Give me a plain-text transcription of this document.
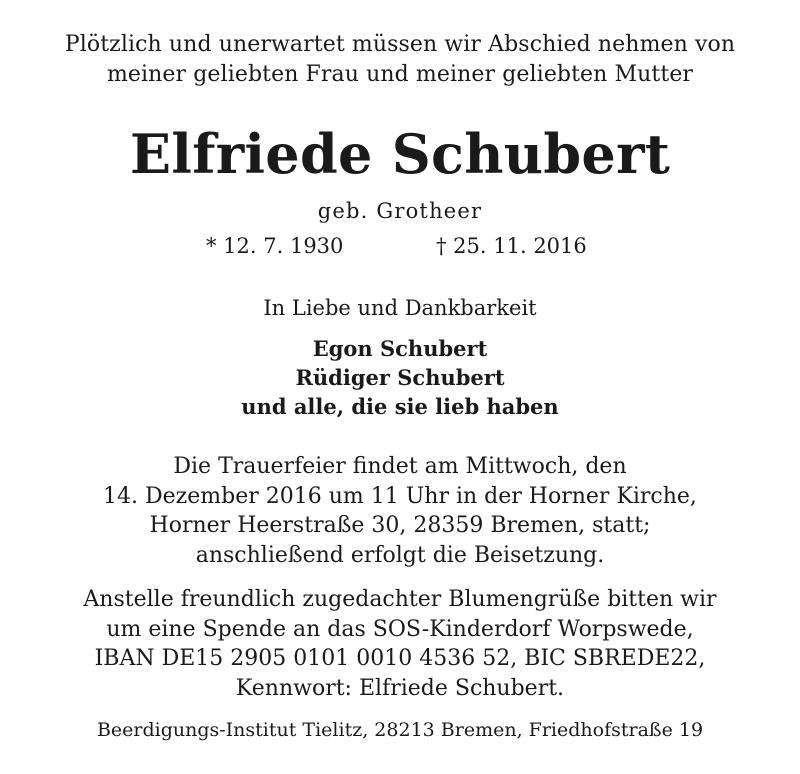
Plötzlich und unerwartet müssen wir Abschied nehmen von
meiner geliebten Frau und meiner geliebten Mutter
Elfriede Schubert
geb. Grotheer
* 12. 7. 1930	† 25. 11. 2016
In Liebe und Dankbarkeit
Egon Schubert
Rüdiger Schubert
und alle, die sie lieb haben
Die Trauerfeier findet am Mittwoch, den
14. Dezember 2016 um 11 Uhr in der Horner Kirche,
Horner Heerstraße 30, 28359 Bremen, statt;
anschließend erfolgt die Beisetzung.
Anstelle freundlich zugedachter Blumengrüße bitten wir
um eine Spende an das SOS-Kinderdorf Worpswede,
IBAN DE15 2905 0101 0010 4536 52, BIC SBREDE22,
Kennwort: Elfriede Schubert.
Beerdigungs-Institut Tielitz, 28213 Bremen, Friedhofstraße 19
